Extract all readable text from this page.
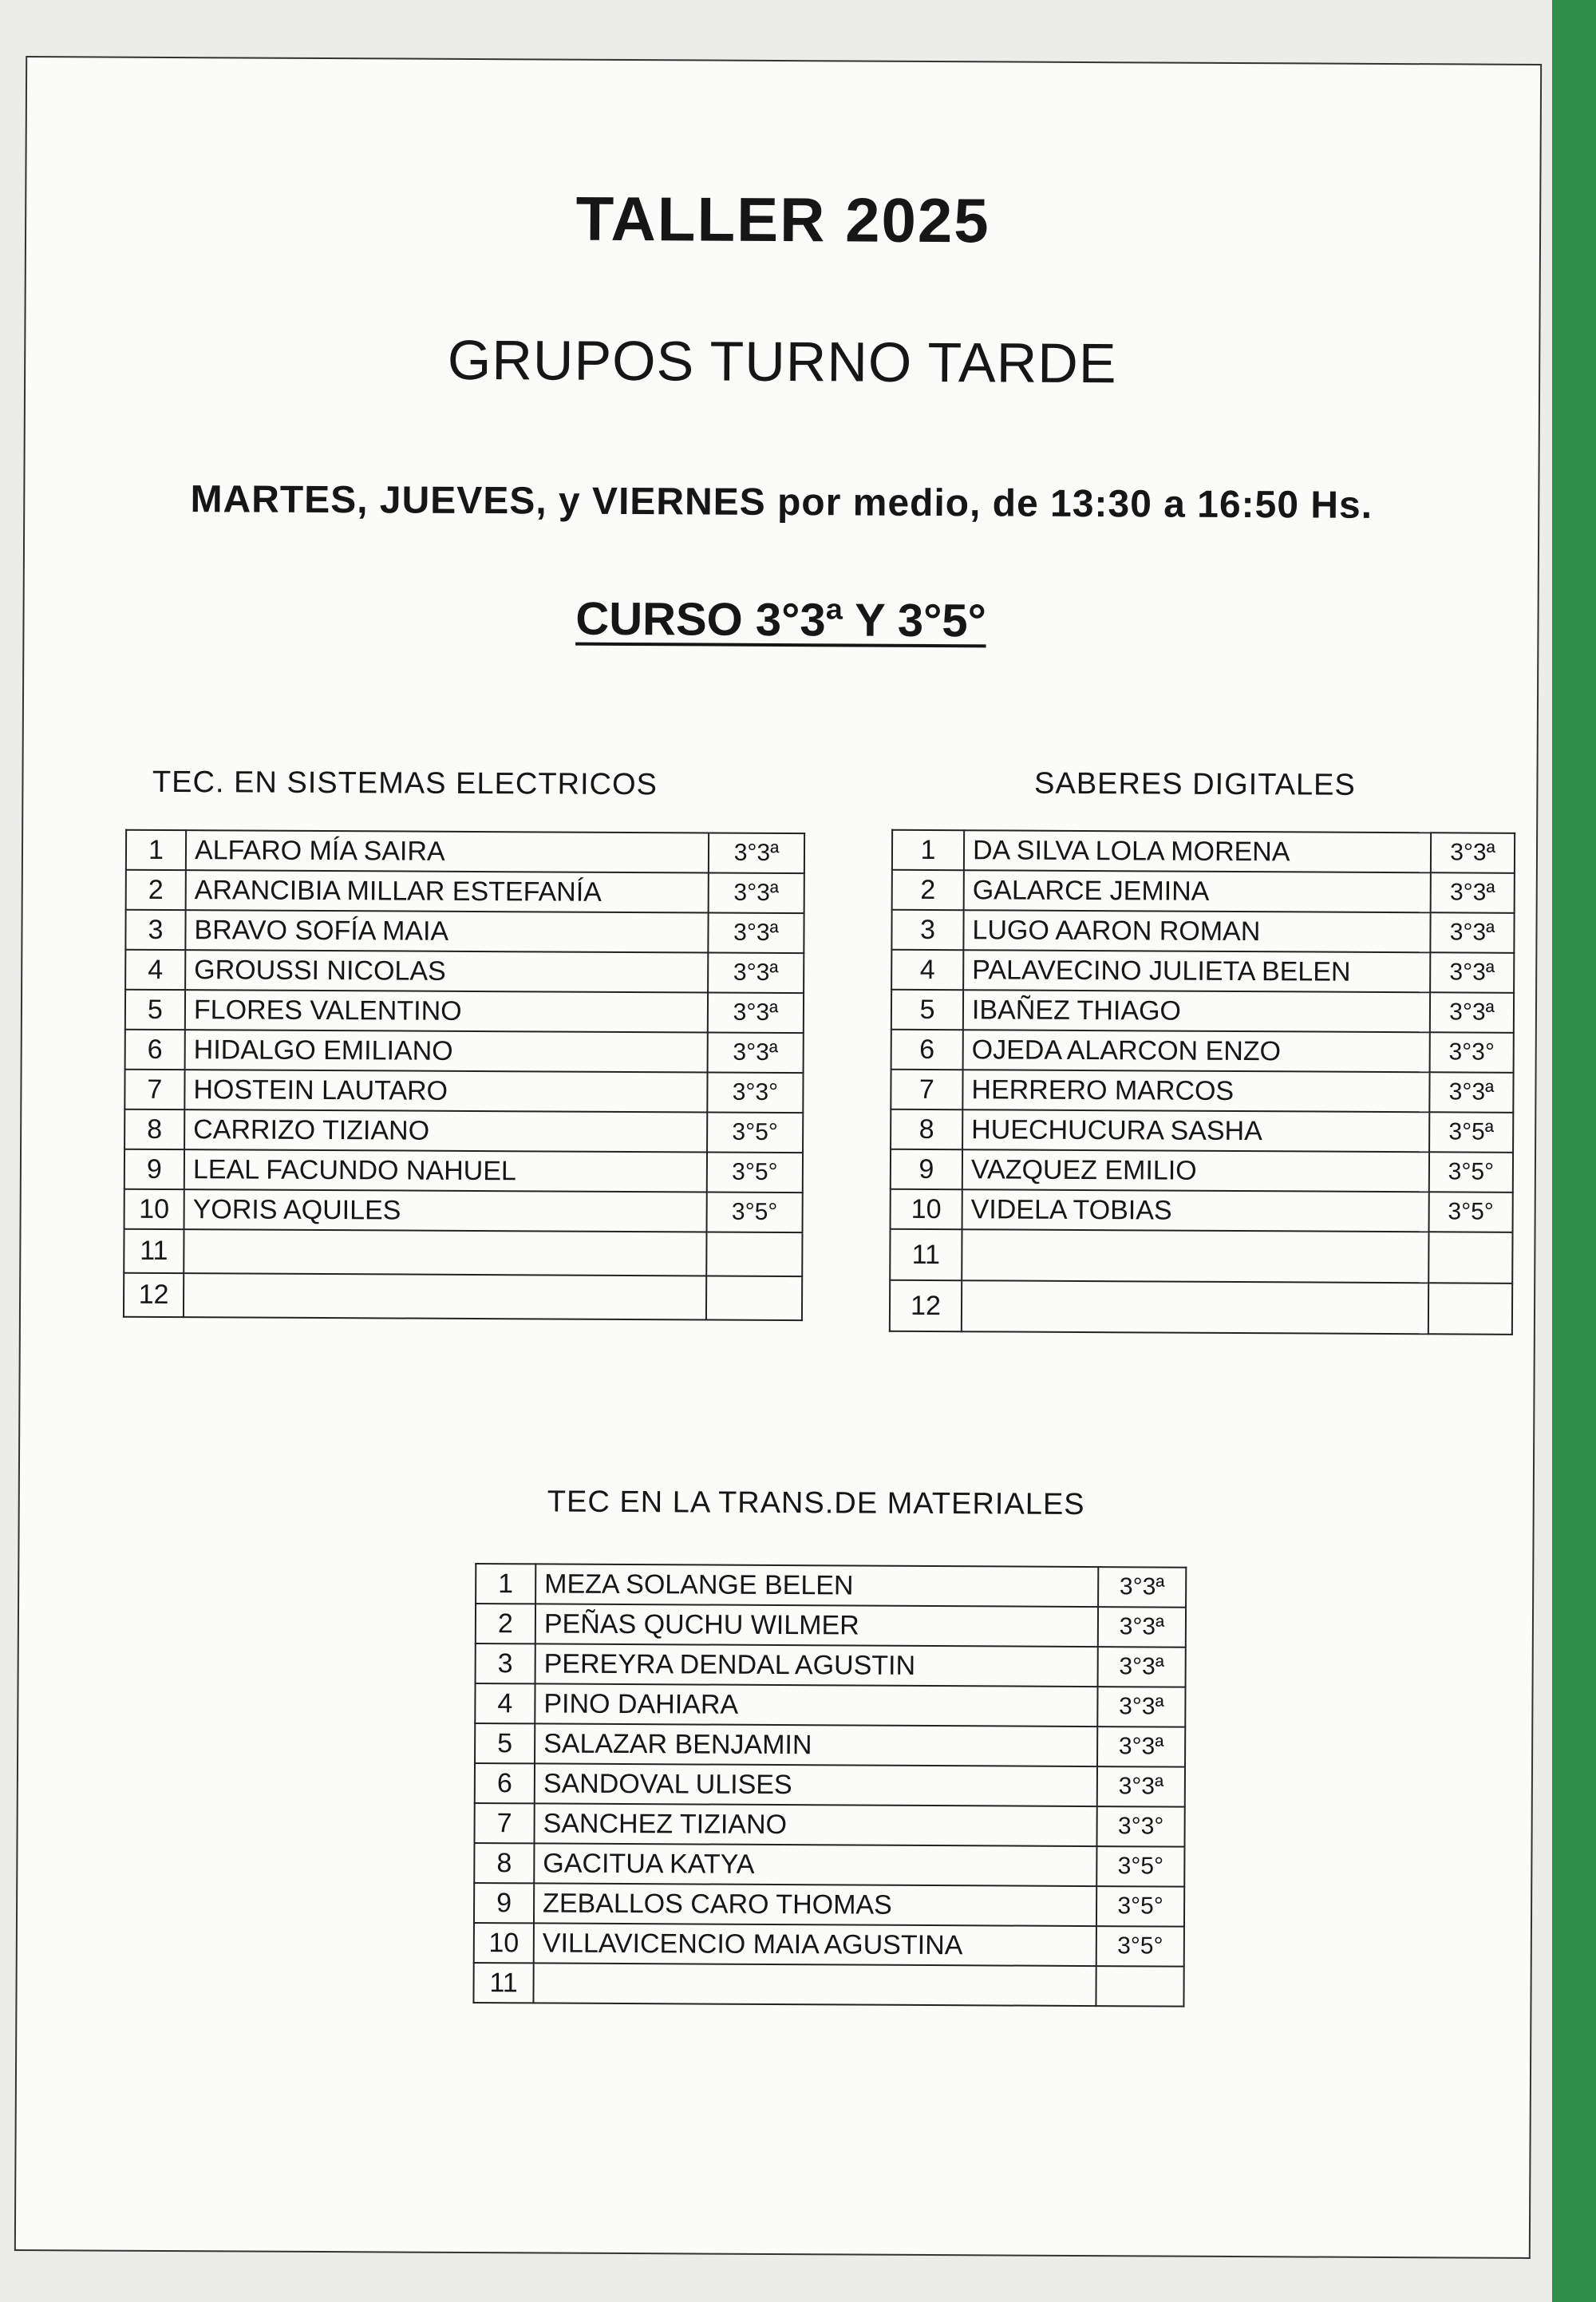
TALLER 2025
GRUPOS TURNO TARDE
MARTES, JUEVES, y VIERNES por medio, de 13:30 a 16:50 Hs.
CURSO 3°3ª Y 3°5°
TEC. EN SISTEMAS ELECTRICOS
1	ALFARO MÍA SAIRA	3°3ª
2	ARANCIBIA MILLAR ESTEFANÍA	3°3ª
3	BRAVO SOFÍA MAIA	3°3ª
4	GROUSSI NICOLAS	3°3ª
5	FLORES VALENTINO	3°3ª
6	HIDALGO EMILIANO	3°3ª
7	HOSTEIN LAUTARO	3°3°
8	CARRIZO TIZIANO	3°5°
9	LEAL FACUNDO NAHUEL	3°5°
10	YORIS AQUILES	3°5°
11		
12		
SABERES DIGITALES
1	DA SILVA LOLA MORENA	3°3ª
2	GALARCE JEMINA	3°3ª
3	LUGO AARON ROMAN	3°3ª
4	PALAVECINO JULIETA BELEN	3°3ª
5	IBAÑEZ THIAGO	3°3ª
6	OJEDA ALARCON ENZO	3°3°
7	HERRERO MARCOS	3°3ª
8	HUECHUCURA SASHA	3°5ª
9	VAZQUEZ EMILIO	3°5°
10	VIDELA TOBIAS	3°5°
11		
12		
TEC EN LA TRANS.DE MATERIALES
1	MEZA SOLANGE BELEN	3°3ª
2	PEÑAS QUCHU WILMER	3°3ª
3	PEREYRA DENDAL AGUSTIN	3°3ª
4	PINO DAHIARA	3°3ª
5	SALAZAR BENJAMIN	3°3ª
6	SANDOVAL ULISES	3°3ª
7	SANCHEZ TIZIANO	3°3°
8	GACITUA KATYA	3°5°
9	ZEBALLOS CARO THOMAS	3°5°
10	VILLAVICENCIO MAIA AGUSTINA	3°5°
11		
